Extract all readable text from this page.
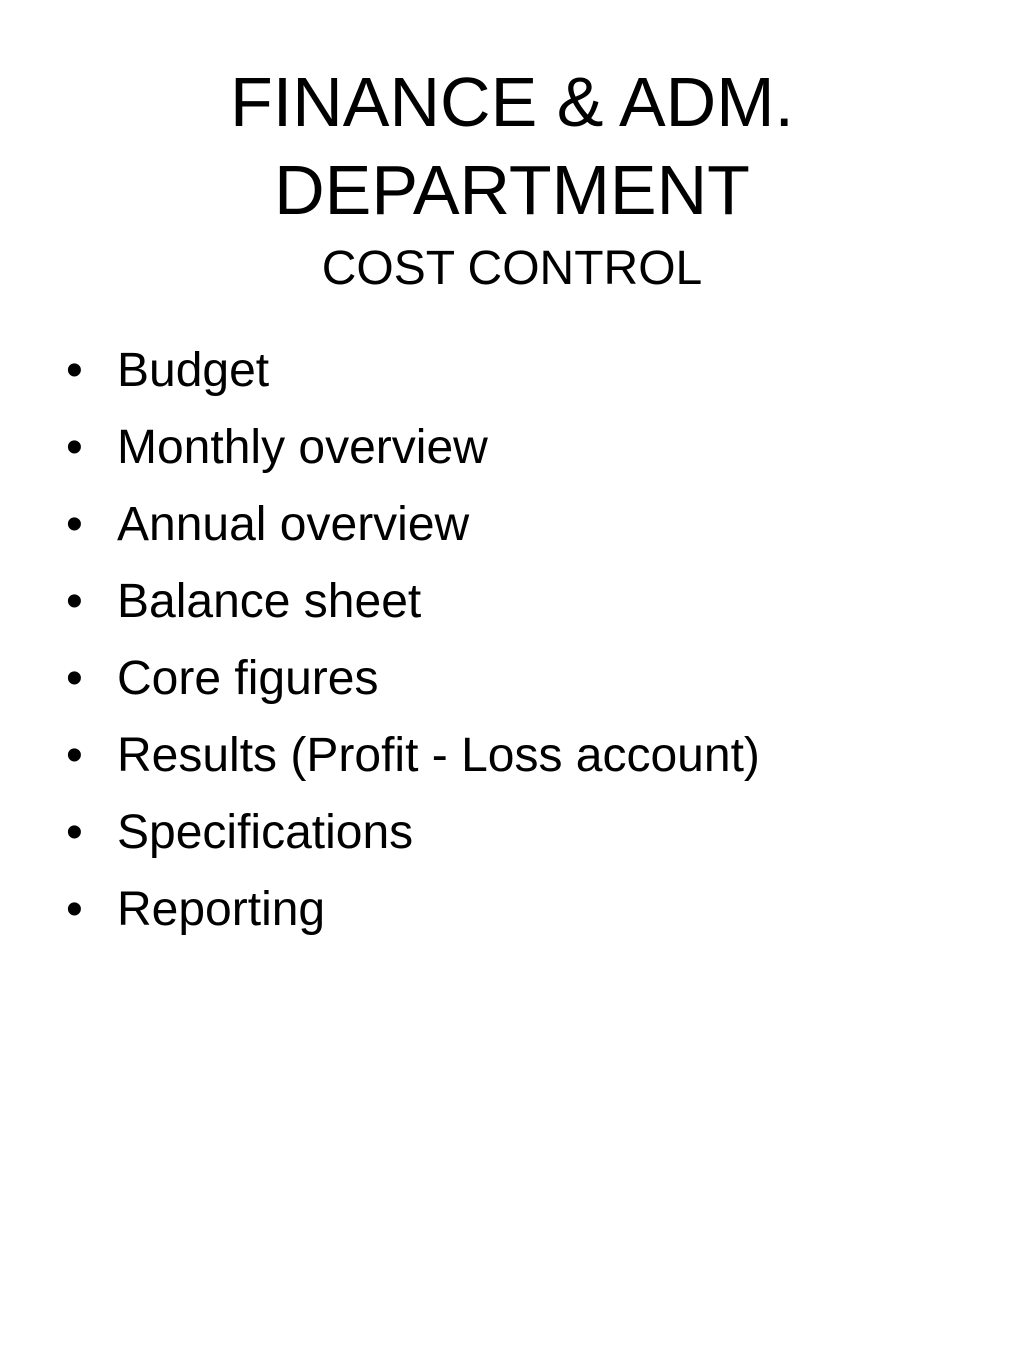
FINANCE & ADM.
DEPARTMENT
COST CONTROL
• Budget
• Monthly overview
• Annual overview
• Balance sheet
• Core figures
• Results (Profit - Loss account)
• Specifications
• Reporting
